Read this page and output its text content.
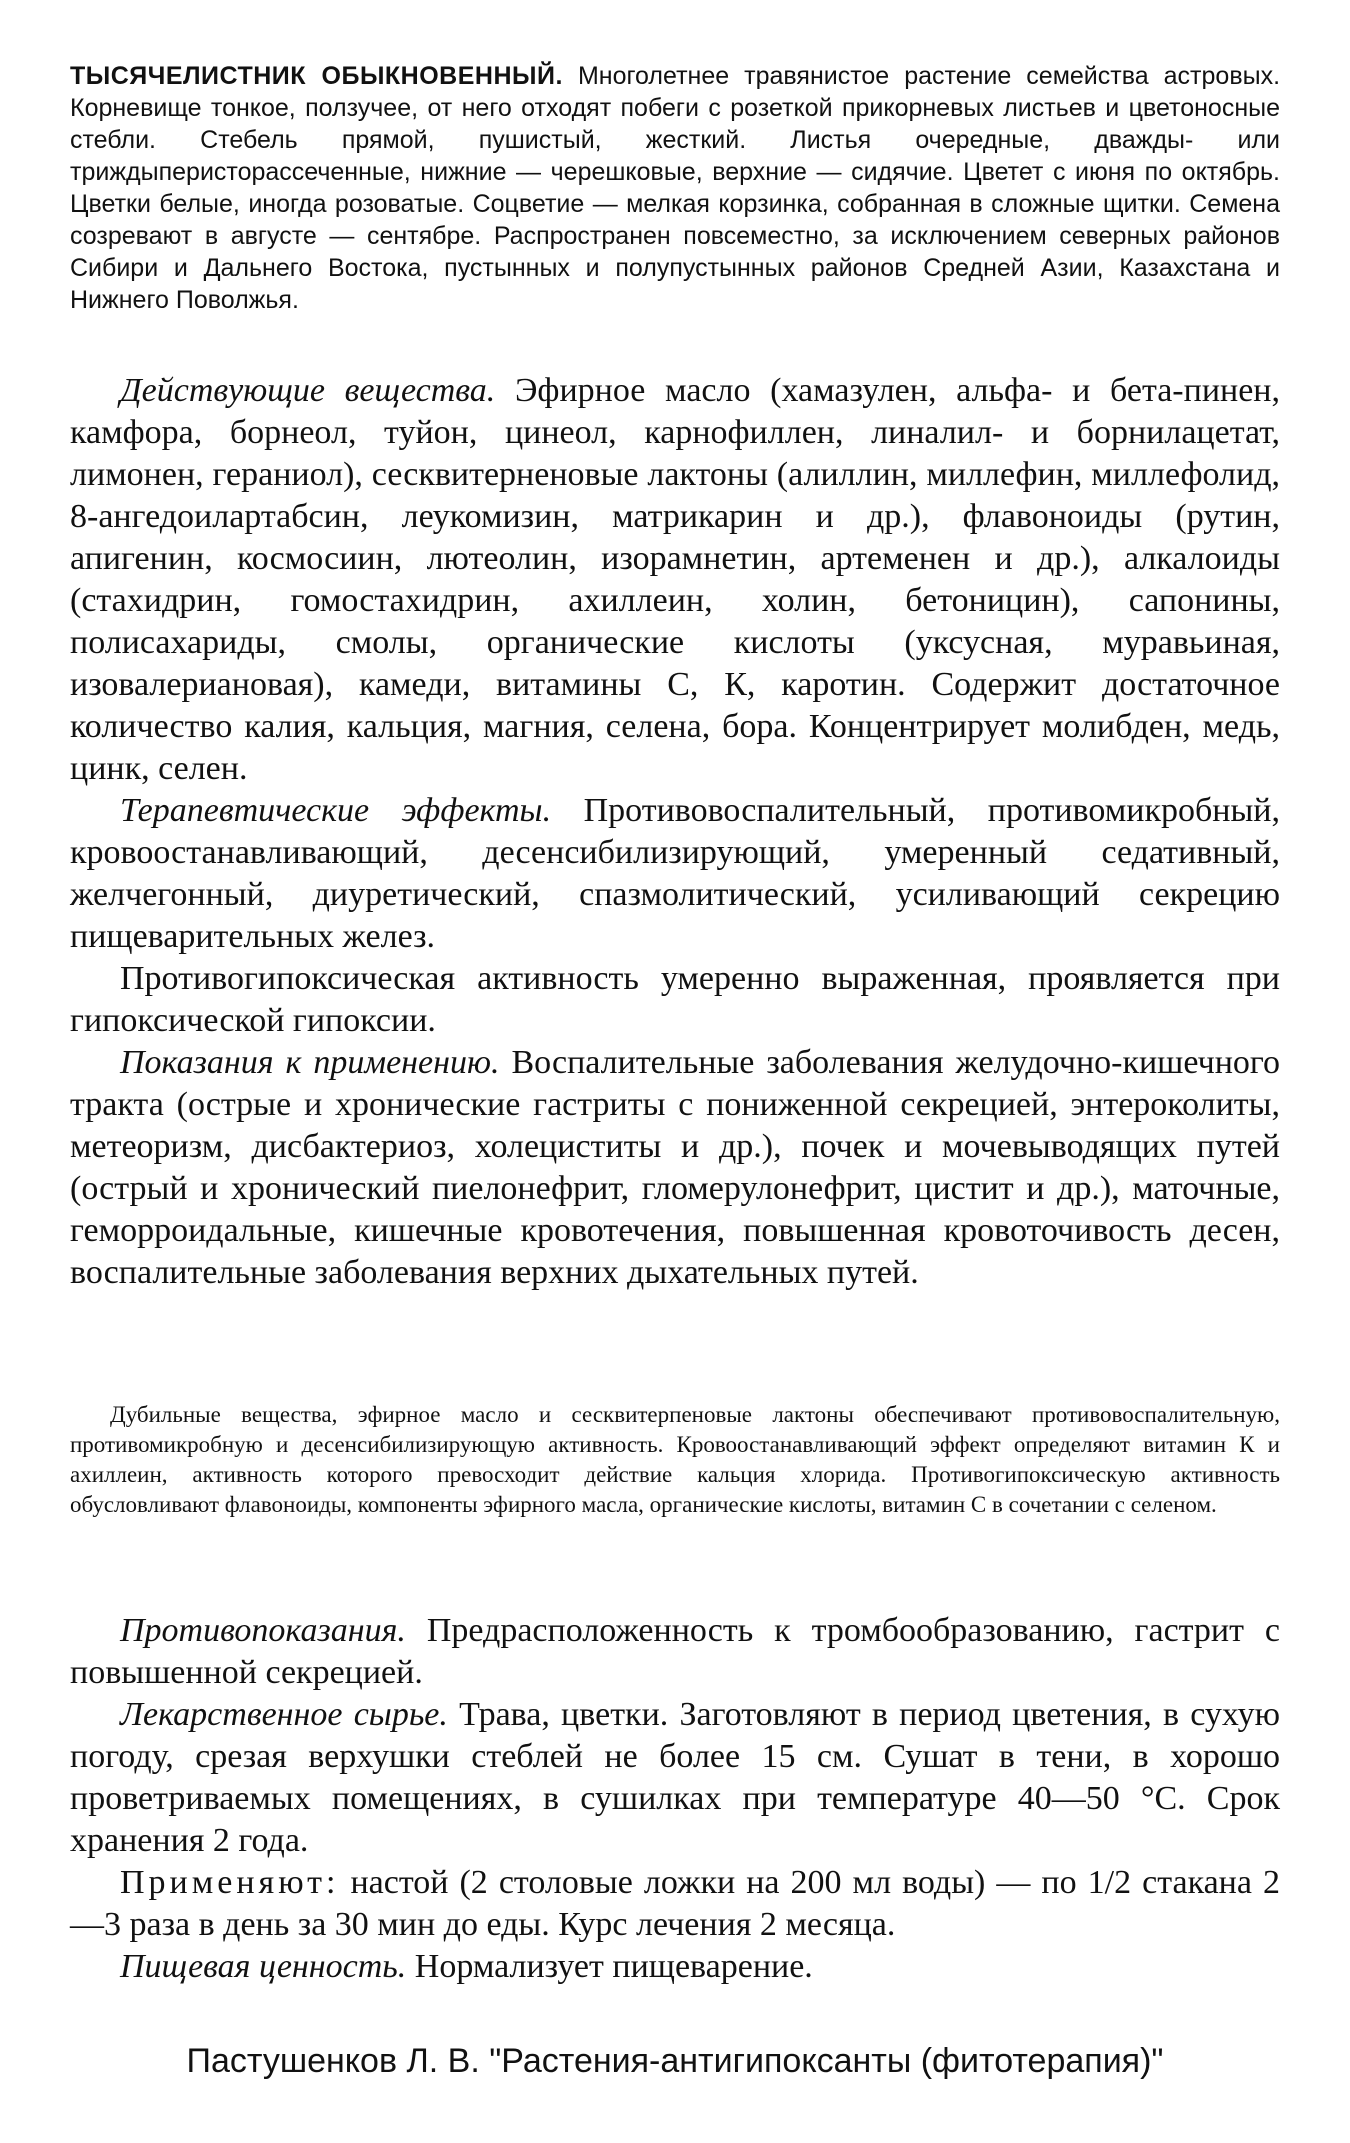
ТЫСЯЧЕЛИСТНИК ОБЫКНОВЕННЫЙ. Многолетнее травянистое растение семейства астровых. Корневище тонкое, ползучее, от него отходят побеги с розеткой прикорневых листьев и цветоносные стебли. Стебель прямой, пушистый, жесткий. Листья очередные, дважды- или триждыперисторассеченные, нижние — черешковые, верхние — сидячие. Цветет с июня по октябрь. Цветки белые, иногда розоватые. Соцветие — мелкая корзинка, собранная в сложные щитки. Семена созревают в августе — сентябре. Распространен повсеместно, за исключением северных районов Сибири и Дальнего Востока, пустынных и полупустынных районов Средней Азии, Казахстана и Нижнего Поволжья.

Действующие вещества. Эфирное масло (хамазулен, альфа- и бета-пинен, камфора, борнеол, туйон, цинеол, карнофиллен, линалил- и борнилацетат, лимонен, гераниол), сесквитерненовые лактоны (алиллин, миллефин, миллефолид, 8-ангедоилартабсин, леукомизин, матрикарин и др.), флавоноиды (рутин, апигенин, космосиин, лютеолин, изорамнетин, артеменен и др.), алкалоиды (стахидрин, гомостахидрин, ахиллеин, холин, бетоницин), сапонины, полисахариды, смолы, органические кислоты (уксусная, муравьиная, изовалериановая), камеди, витамины С, К, каротин. Содержит достаточное количество калия, кальция, магния, селена, бора. Концентрирует молибден, медь, цинк, селен.

Терапевтические эффекты. Противовоспалительный, противомикробный, кровоостанавливающий, десенсибилизирующий, умеренный седативный, желчегонный, диуретический, спазмолитический, усиливающий секрецию пищеварительных желез.

Противогипоксическая активность умеренно выраженная, проявляется при гипоксической гипоксии.

Показания к применению. Воспалительные заболевания желудочно-кишечного тракта (острые и хронические гастриты с пониженной секрецией, энтероколиты, метеоризм, дисбактериоз, холециститы и др.), почек и мочевыводящих путей (острый и хронический пиелонефрит, гломерулонефрит, цистит и др.), маточные, геморроидальные, кишечные кровотечения, повышенная кровоточивость десен, воспалительные заболевания верхних дыхательных путей.

Дубильные вещества, эфирное масло и сесквитерпеновые лактоны обеспечивают противовоспалительную, противомикробную и десенсибилизирующую активность. Кровоостанавливающий эффект определяют витамин К и ахиллеин, активность которого превосходит действие кальция хлорида. Противогипоксическую активность обусловливают флавоноиды, компоненты эфирного масла, органические кислоты, витамин С в сочетании с селеном.

Противопоказания. Предрасположенность к тромбообразованию, гастрит с повышенной секрецией.

Лекарственное сырье. Трава, цветки. Заготовляют в период цветения, в сухую погоду, срезая верхушки стеблей не более 15 см. Сушат в тени, в хорошо проветриваемых помещениях, в сушилках при температуре 40—50 °С. Срок хранения 2 года.

Применяют: настой (2 столовые ложки на 200 мл воды) — по 1/2 стакана 2—3 раза в день за 30 мин до еды. Курс лечения 2 месяца.

Пищевая ценность. Нормализует пищеварение.

Пастушенков Л. В. "Растения-антигипоксанты (фитотерапия)"
